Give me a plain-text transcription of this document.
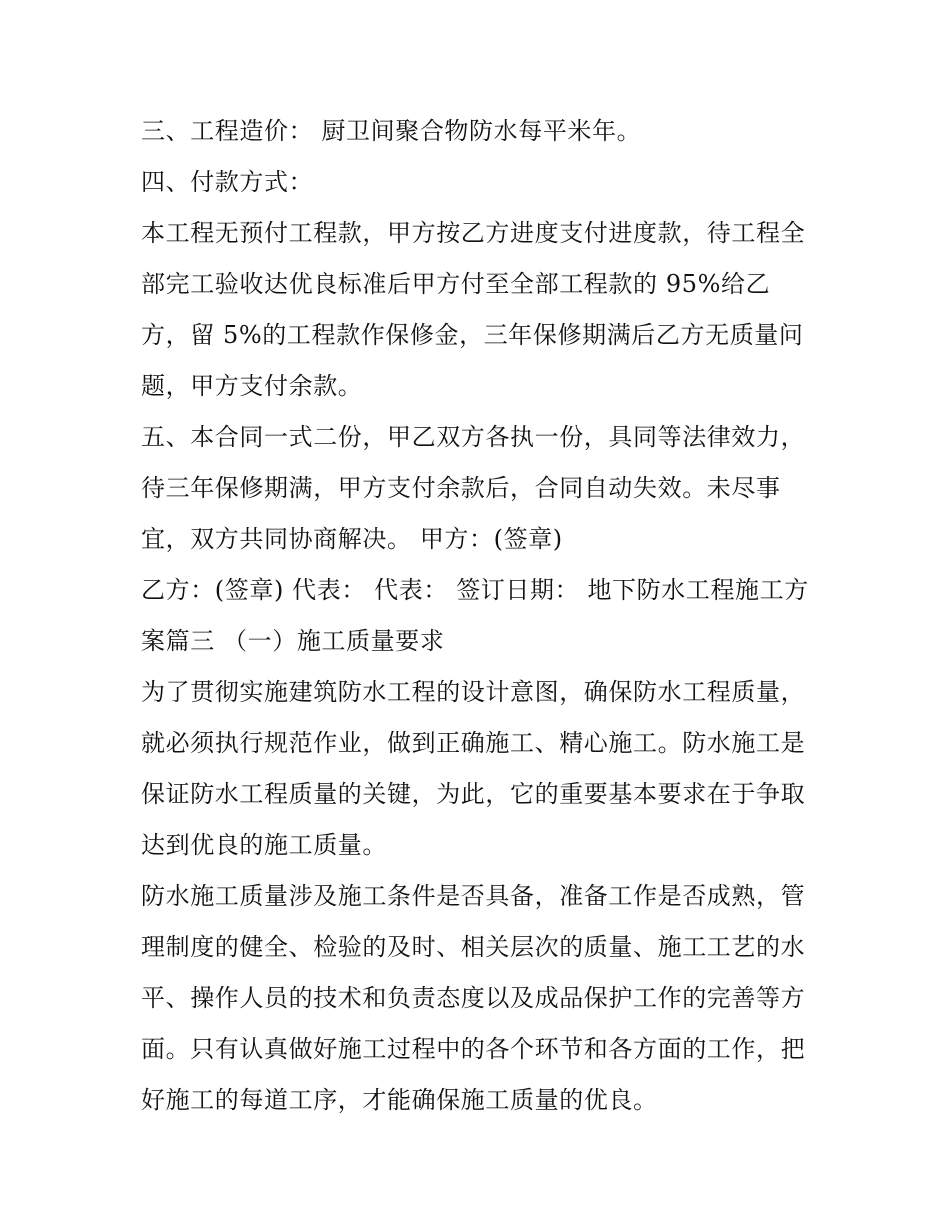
三、工程造价： 厨卫间聚合物防水每平米年。
四、付款方式：
本工程无预付工程款，甲方按乙方进度支付进度款，待工程全
部完工验收达优良标准后甲方付至全部工程款的 95%给乙
方，留 5%的工程款作保修金，三年保修期满后乙方无质量问
题，甲方支付余款。
五、本合同一式二份，甲乙双方各执一份，具同等法律效力，
待三年保修期满，甲方支付余款后，合同自动失效。未尽事
宜，双方共同协商解决。 甲方：(签章)
乙方：(签章) 代表： 代表： 签订日期： 地下防水工程施工方
案篇三 （一）施工质量要求
为了贯彻实施建筑防水工程的设计意图，确保防水工程质量，
就必须执行规范作业，做到正确施工、精心施工。防水施工是
保证防水工程质量的关键，为此，它的重要基本要求在于争取
达到优良的施工质量。
防水施工质量涉及施工条件是否具备，准备工作是否成熟，管
理制度的健全、检验的及时、相关层次的质量、施工工艺的水
平、操作人员的技术和负责态度以及成品保护工作的完善等方
面。只有认真做好施工过程中的各个环节和各方面的工作，把
好施工的每道工序，才能确保施工质量的优良。
